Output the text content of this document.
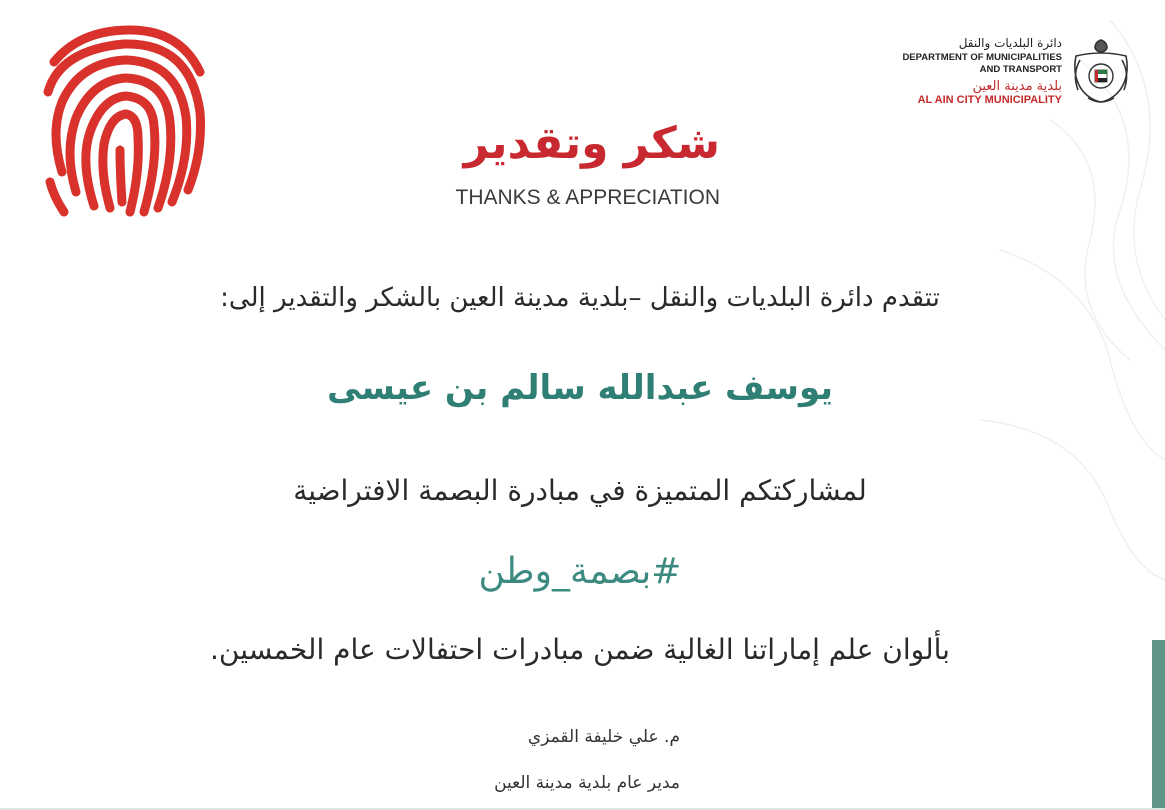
دائرة البلديات والنقل
DEPARTMENT OF MUNICIPALITIES
AND TRANSPORT
بلدية مدينة العين
AL AIN CITY MUNICIPALITY
شكر وتقدير
THANKS & APPRECIATION
تتقدم دائرة البلديات والنقل –بلدية مدينة العين بالشكر والتقدير إلى:
يوسف عبدالله سالم بن عيسى
لمشاركتكم المتميزة في مبادرة البصمة الافتراضية
#بصمة_وطن
بألوان علم إماراتنا الغالية ضمن مبادرات احتفالات عام الخمسين.
م. علي خليفة القمزي
مدير عام بلدية مدينة العين
